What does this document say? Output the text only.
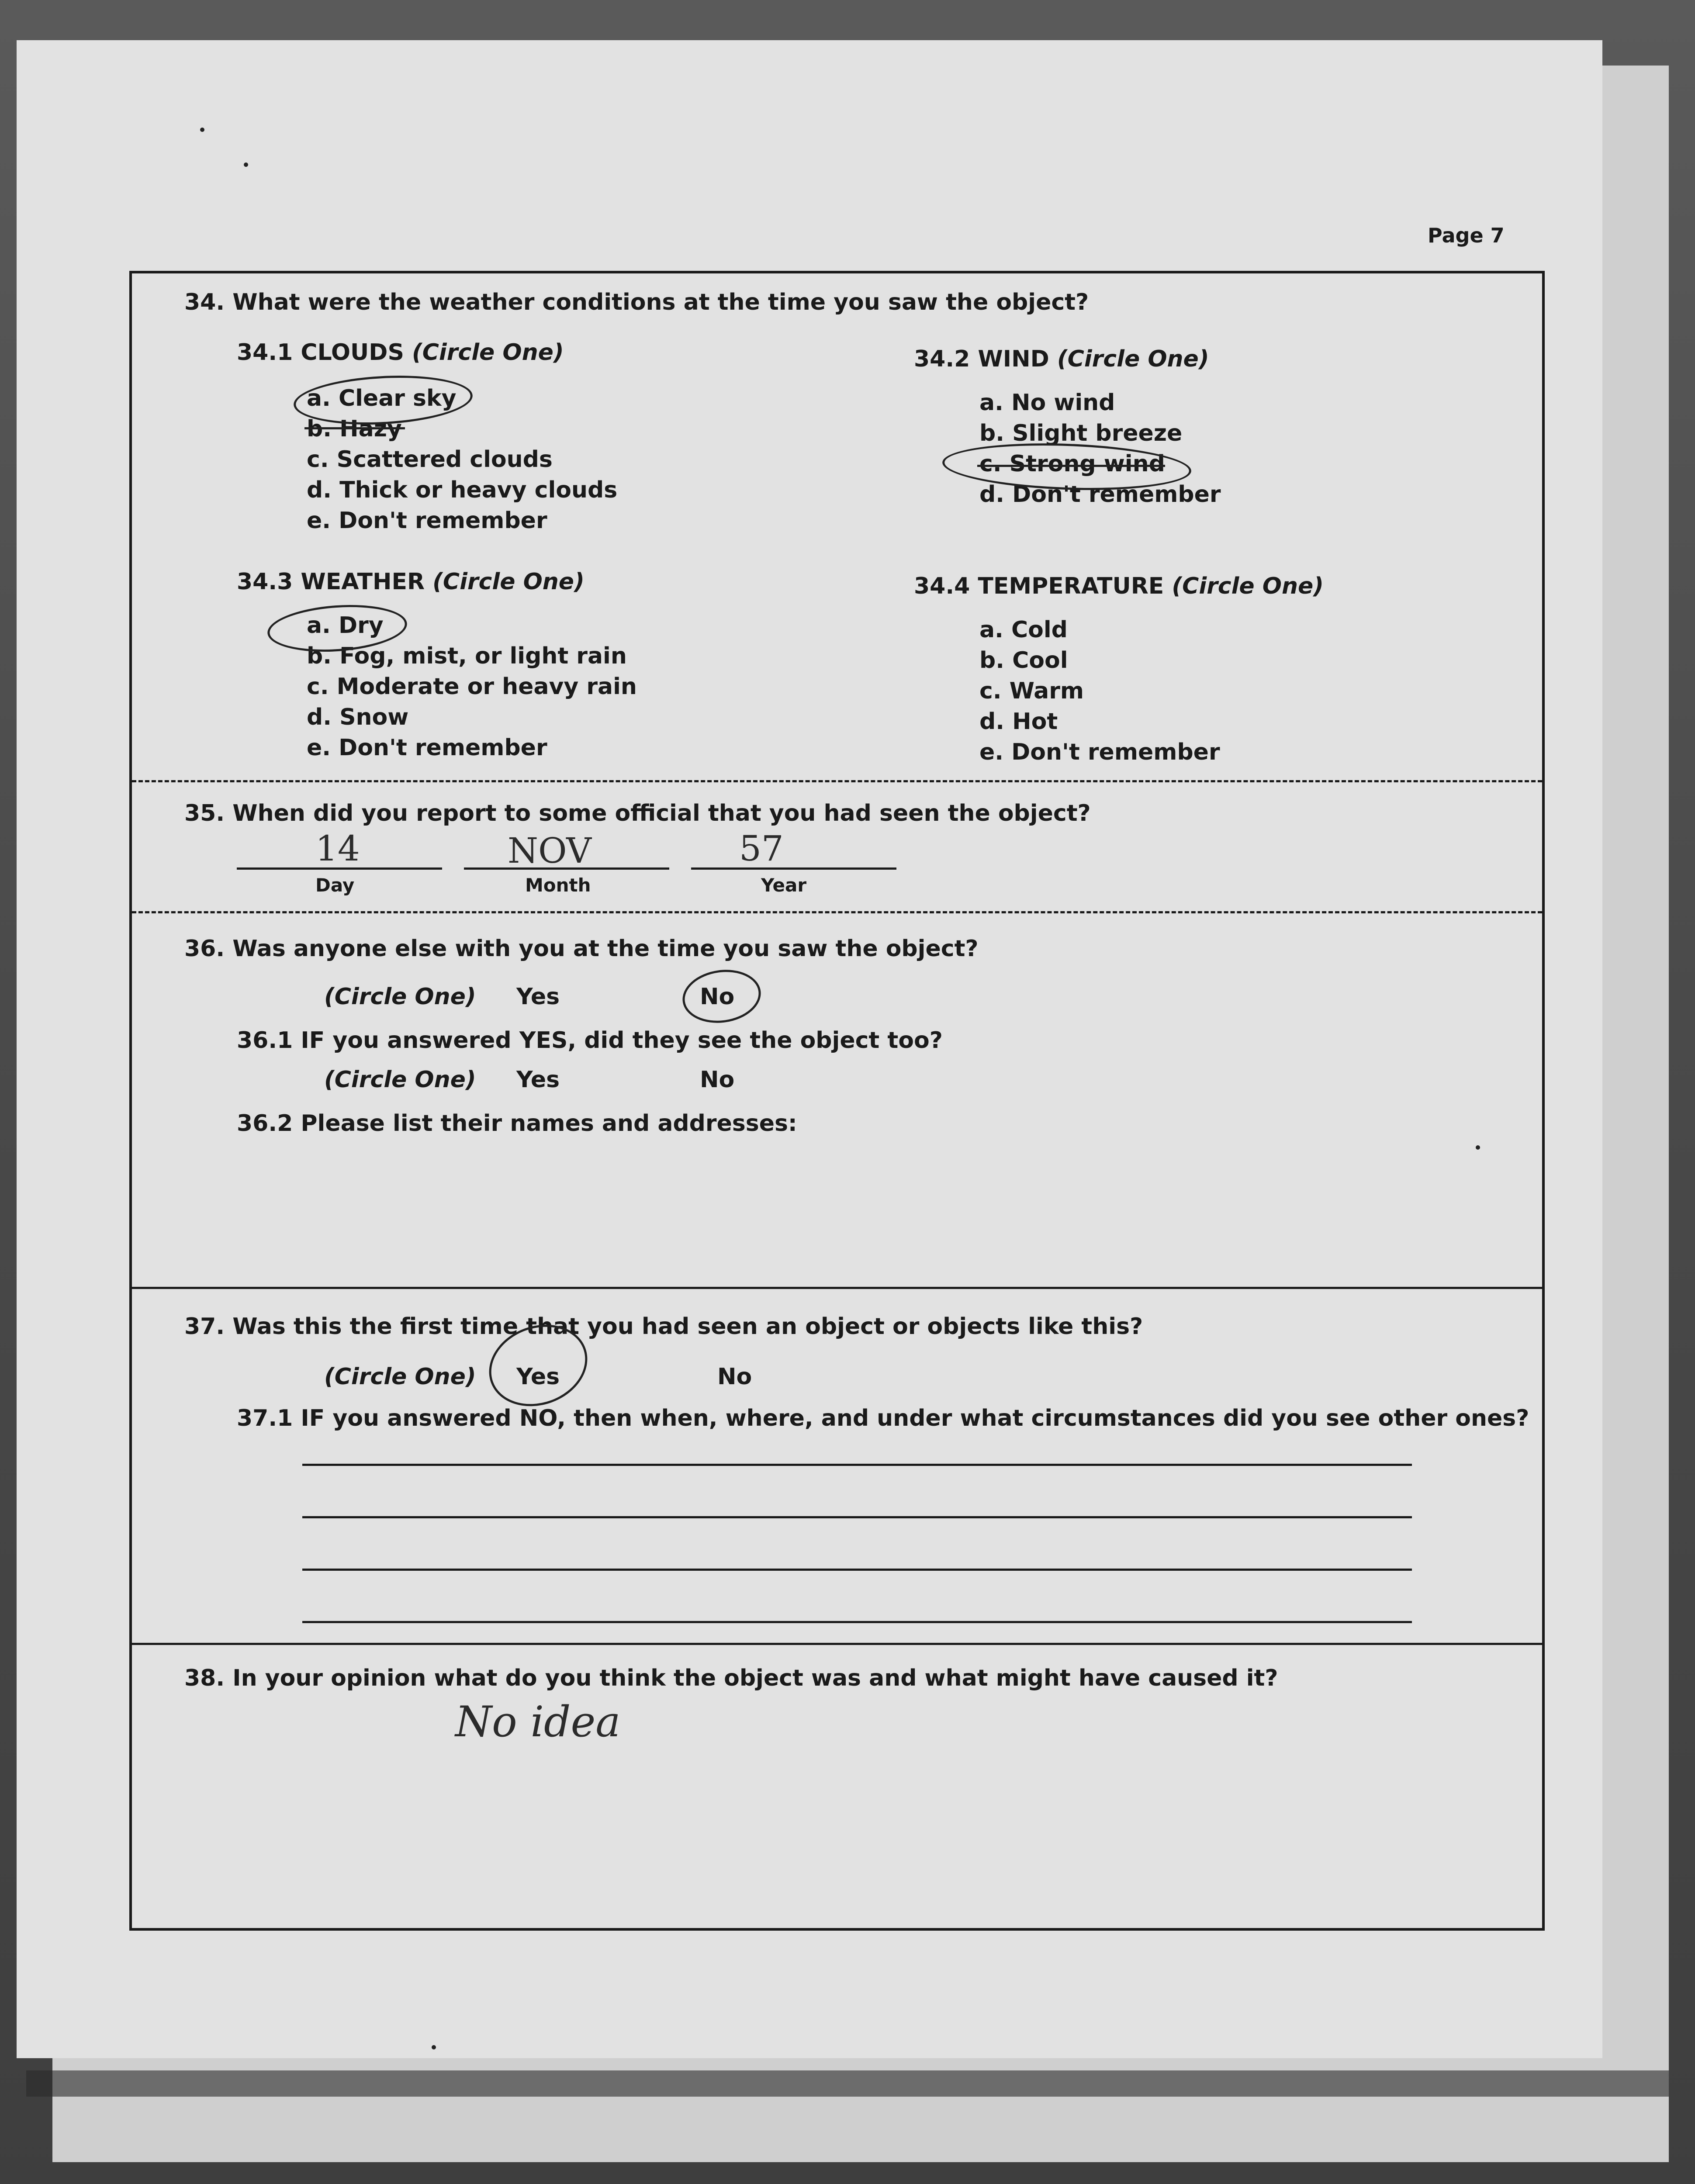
Page 7
34. What were the weather conditions at the time you saw the object?
34.1 CLOUDS (Circle One)
a. Clear sky
b. Hazy
c. Scattered clouds
d. Thick or heavy clouds
e. Don't remember
34.2 WIND (Circle One)
a. No wind
b. Slight breeze
c. Strong wind
d. Don't remember
34.3 WEATHER (Circle One)
a. Dry
b. Fog, mist, or light rain
c. Moderate or heavy rain
d. Snow
e. Don't remember
34.4 TEMPERATURE (Circle One)
a. Cold
b. Cool
c. Warm
d. Hot
e. Don't remember
35. When did you report to some official that you had seen the object?
14	NOV	57
Day	Month	Year
36. Was anyone else with you at the time you saw the object?
(Circle One) Yes	No
36.1 IF you answered YES, did they see the object too?
(Circle One) Yes	No
36.2 Please list their names and addresses:
37. Was this the first time that you had seen an object or objects like this?
(Circle One) Yes	No
37.1 IF you answered NO, then when, where, and under what circumstances did you see other ones?
38. In your opinion what do you think the object was and what might have caused it?
No idea
